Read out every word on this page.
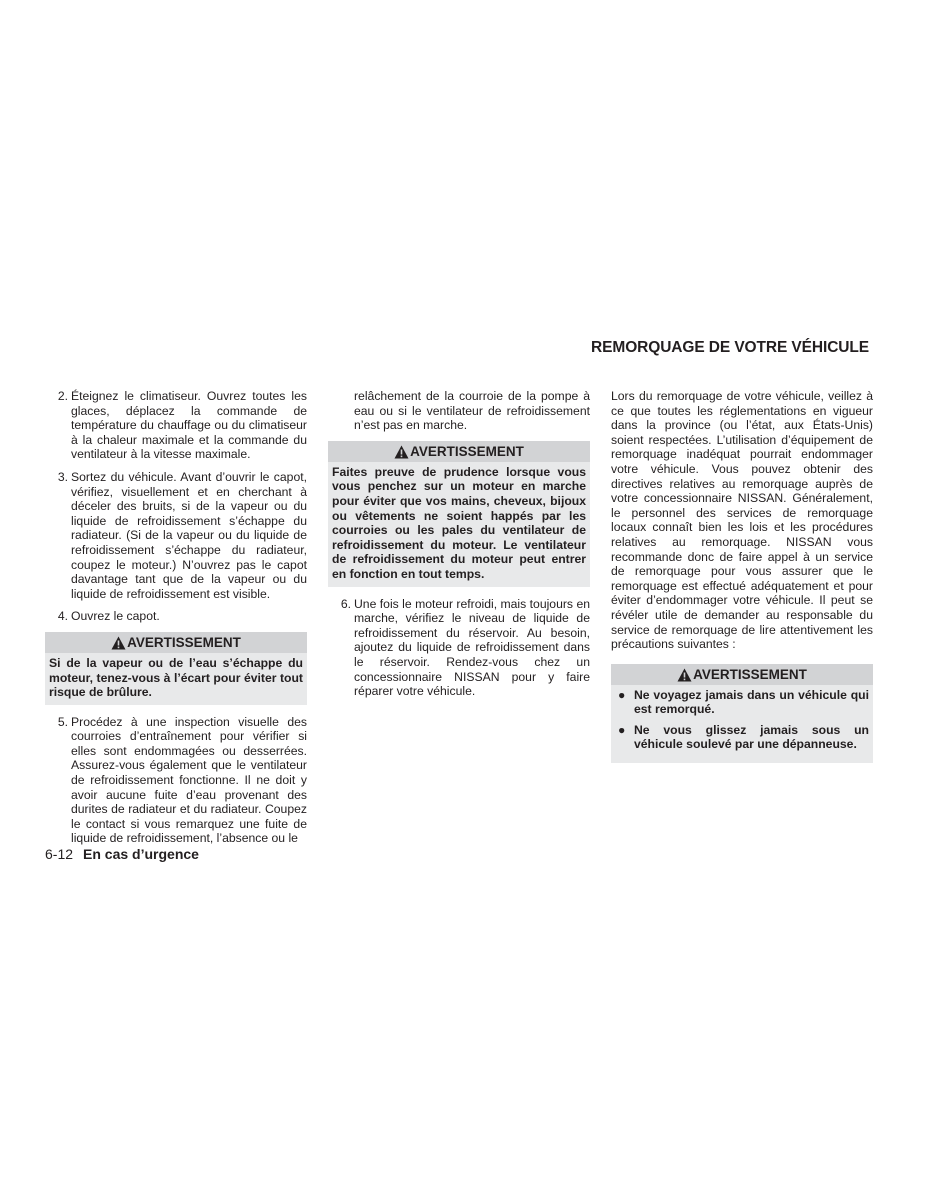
REMORQUAGE DE VOTRE VÉHICULE
2. Éteignez le climatiseur. Ouvrez toutes les glaces, déplacez la commande de température du chauffage ou du climatiseur à la chaleur maximale et la commande du ventilateur à la vitesse maximale.
3. Sortez du véhicule. Avant d’ouvrir le capot, vérifiez, visuellement et en cherchant à déceler des bruits, si de la vapeur ou du liquide de refroidissement s’échappe du radiateur. (Si de la vapeur ou du liquide de refroidissement s’échappe du radiateur, coupez le moteur.) N’ouvrez pas le capot davantage tant que de la vapeur ou du liquide de refroidissement est visible.
4. Ouvrez le capot.
AVERTISSEMENT
Si de la vapeur ou de l’eau s’échappe du moteur, tenez-vous à l’écart pour éviter tout risque de brûlure.
5. Procédez à une inspection visuelle des courroies d’entraînement pour vérifier si elles sont endommagées ou desserrées. Assurez-vous également que le ventilateur de refroidissement fonctionne. Il ne doit y avoir aucune fuite d’eau provenant des durites de radiateur et du radiateur. Coupez le contact si vous remarquez une fuite de liquide de refroidissement, l’absence ou le
relâchement de la courroie de la pompe à eau ou si le ventilateur de refroidissement n’est pas en marche.
AVERTISSEMENT
Faites preuve de prudence lorsque vous vous penchez sur un moteur en marche pour éviter que vos mains, cheveux, bijoux ou vêtements ne soient happés par les courroies ou les pales du ventilateur de refroidissement du moteur. Le ventilateur de refroidissement du moteur peut entrer en fonction en tout temps.
6. Une fois le moteur refroidi, mais toujours en marche, vérifiez le niveau de liquide de refroidissement du réservoir. Au besoin, ajoutez du liquide de refroidissement dans le réservoir. Rendez-vous chez un concessionnaire NISSAN pour y faire réparer votre véhicule.
Lors du remorquage de votre véhicule, veillez à ce que toutes les réglementations en vigueur dans la province (ou l’état, aux États-Unis) soient respectées. L’utilisation d’équipement de remorquage inadéquat pourrait endommager votre véhicule. Vous pouvez obtenir des directives relatives au remorquage auprès de votre concessionnaire NISSAN. Généralement, le personnel des services de remorquage locaux connaît bien les lois et les procédures relatives au remorquage. NISSAN vous recommande donc de faire appel à un service de remorquage pour vous assurer que le remorquage est effectué adéquatement et pour éviter d’endommager votre véhicule. Il peut se révéler utile de demander au responsable du service de remorquage de lire attentivement les précautions suivantes :
AVERTISSEMENT
● Ne voyagez jamais dans un véhicule qui est remorqué.
● Ne vous glissez jamais sous un véhicule soulevé par une dépanneuse.
6-12 En cas d’urgence
